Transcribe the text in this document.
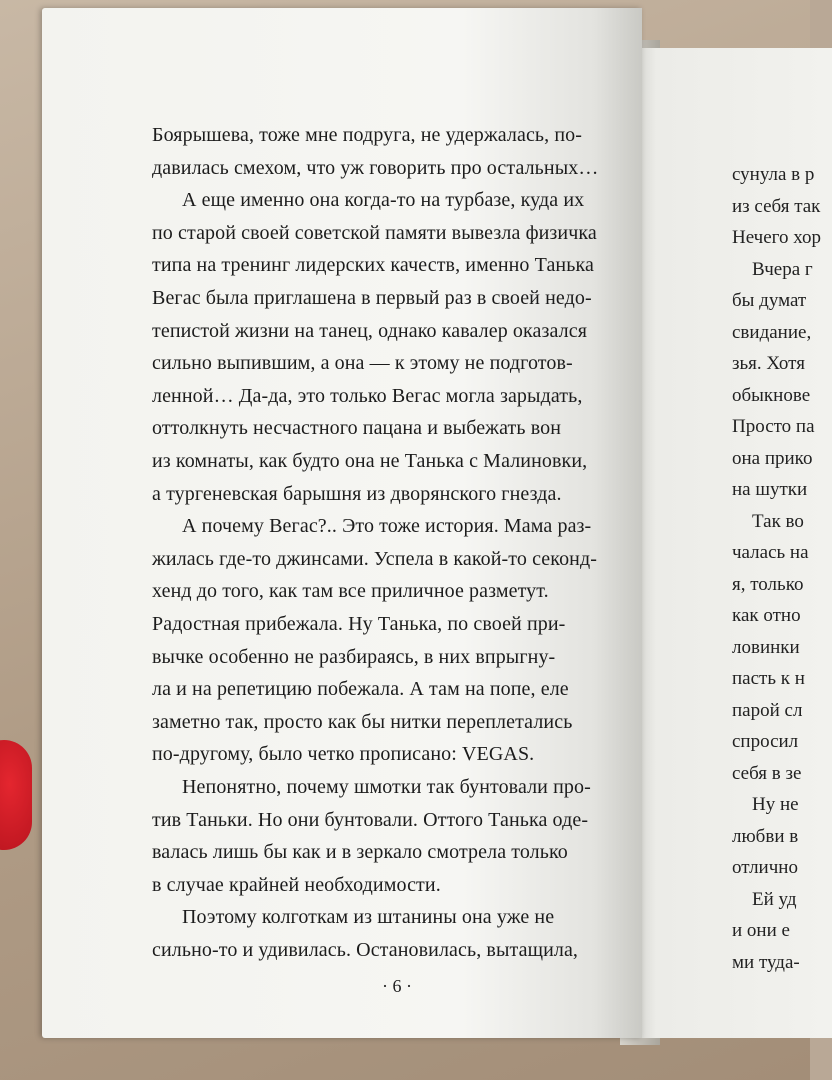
сунула в р
из себя так
Нечего хор
Вчера г
бы думат
свидание,
зья. Хотя
обыкнове
Просто па
она прико
на шутки
Так во
чалась на
я, только
как отно
ловинки
пасть к н
парой сл
спросил
себя в зе
Ну не
любви в
отлично
Ей уд
и они е
ми туда-
Боярышева, тоже мне подруга, не удержалась, по-
давилась смехом, что уж говорить про остальных…
А еще именно она когда-то на турбазе, куда их
по старой своей советской памяти вывезла физичка
типа на тренинг лидерских качеств, именно Танька
Вегас была приглашена в первый раз в своей недо-
тепистой жизни на танец, однако кавалер оказался
сильно выпившим, а она — к этому не подготов-
ленной… Да-да, это только Вегас могла зарыдать,
оттолкнуть несчастного пацана и выбежать вон
из комнаты, как будто она не Танька с Малиновки,
а тургеневская барышня из дворянского гнезда.
А почему Вегас?.. Это тоже история. Мама раз-
жилась где-то джинсами. Успела в какой-то секонд-
хенд до того, как там все приличное разметут.
Радостная прибежала. Ну Танька, по своей при-
вычке особенно не разбираясь, в них впрыгну-
ла и на репетицию побежала. А там на попе, еле
заметно так, просто как бы нитки переплетались
по-другому, было четко прописано: VEGAS.
Непонятно, почему шмотки так бунтовали про-
тив Таньки. Но они бунтовали. Оттого Танька оде-
валась лишь бы как и в зеркало смотрела только
в случае крайней необходимости.
Поэтому колготкам из штанины она уже не
сильно-то и удивилась. Остановилась, вытащила,
· 6 ·
